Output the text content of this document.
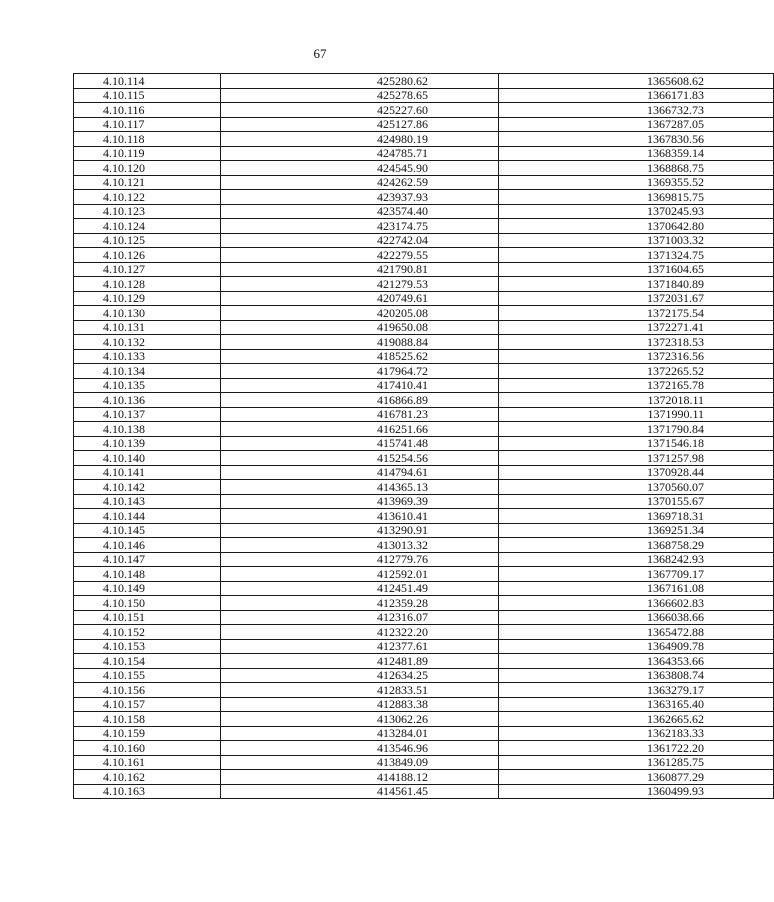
67
4.10.114	425280.62	1365608.62
4.10.115	425278.65	1366171.83
4.10.116	425227.60	1366732.73
4.10.117	425127.86	1367287.05
4.10.118	424980.19	1367830.56
4.10.119	424785.71	1368359.14
4.10.120	424545.90	1368868.75
4.10.121	424262.59	1369355.52
4.10.122	423937.93	1369815.75
4.10.123	423574.40	1370245.93
4.10.124	423174.75	1370642.80
4.10.125	422742.04	1371003.32
4.10.126	422279.55	1371324.75
4.10.127	421790.81	1371604.65
4.10.128	421279.53	1371840.89
4.10.129	420749.61	1372031.67
4.10.130	420205.08	1372175.54
4.10.131	419650.08	1372271.41
4.10.132	419088.84	1372318.53
4.10.133	418525.62	1372316.56
4.10.134	417964.72	1372265.52
4.10.135	417410.41	1372165.78
4.10.136	416866.89	1372018.11
4.10.137	416781.23	1371990.11
4.10.138	416251.66	1371790.84
4.10.139	415741.48	1371546.18
4.10.140	415254.56	1371257.98
4.10.141	414794.61	1370928.44
4.10.142	414365.13	1370560.07
4.10.143	413969.39	1370155.67
4.10.144	413610.41	1369718.31
4.10.145	413290.91	1369251.34
4.10.146	413013.32	1368758.29
4.10.147	412779.76	1368242.93
4.10.148	412592.01	1367709.17
4.10.149	412451.49	1367161.08
4.10.150	412359.28	1366602.83
4.10.151	412316.07	1366038.66
4.10.152	412322.20	1365472.88
4.10.153	412377.61	1364909.78
4.10.154	412481.89	1364353.66
4.10.155	412634.25	1363808.74
4.10.156	412833.51	1363279.17
4.10.157	412883.38	1363165.40
4.10.158	413062.26	1362665.62
4.10.159	413284.01	1362183.33
4.10.160	413546.96	1361722.20
4.10.161	413849.09	1361285.75
4.10.162	414188.12	1360877.29
4.10.163	414561.45	1360499.93
